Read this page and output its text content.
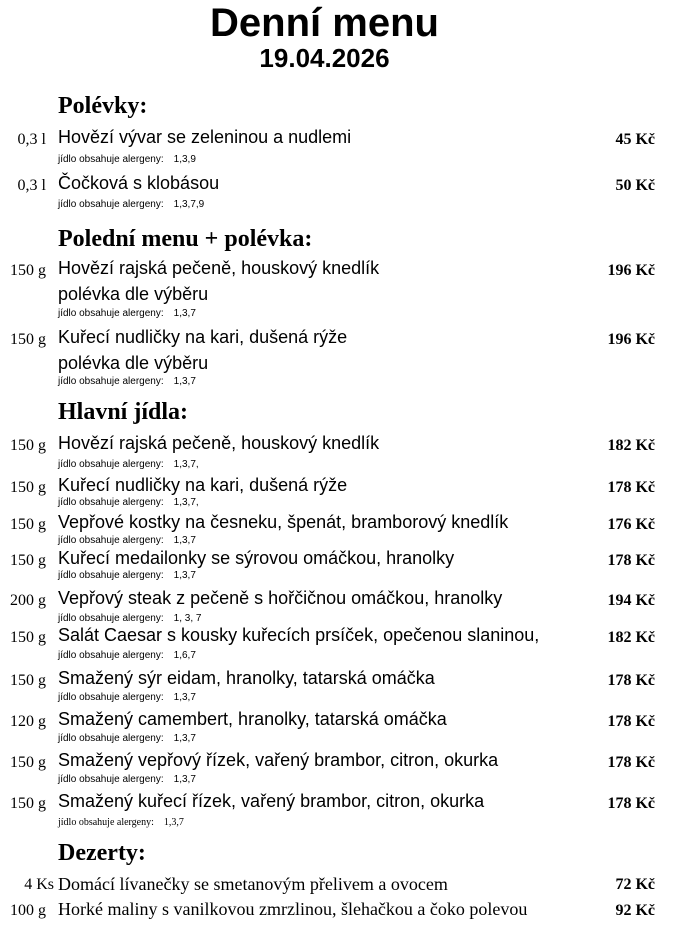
Denní menu
19.04.2026
Polévky:
0,3 l Hovězí vývar se zeleninou a nudlemi	45 Kč
jídlo obsahuje alergeny: 1,3,9
0,3 l Čočková s klobásou	50 Kč
jídlo obsahuje alergeny: 1,3,7,9
Polední menu + polévka:
150 g Hovězí rajská pečeně, houskový knedlík	196 Kč
polévka dle výběru
jídlo obsahuje alergeny: 1,3,7
150 g Kuřecí nudličky na kari, dušená rýže	196 Kč
polévka dle výběru
jídlo obsahuje alergeny: 1,3,7
Hlavní jídla:
150 g Hovězí rajská pečeně, houskový knedlík	182 Kč
jídlo obsahuje alergeny: 1,3,7,
150 g Kuřecí nudličky na kari, dušená rýže	178 Kč
jídlo obsahuje alergeny: 1,3,7,
150 g Vepřové kostky na česneku, špenát, bramborový knedlík	176 Kč
jídlo obsahuje alergeny: 1,3,7
150 g Kuřecí medailonky se sýrovou omáčkou, hranolky	178 Kč
jídlo obsahuje alergeny: 1,3,7
200 g Vepřový steak z pečeně s hořčičnou omáčkou, hranolky	194 Kč
jídlo obsahuje alergeny: 1, 3, 7
150 g Salát Caesar s kousky kuřecích prsíček, opečenou slaninou,	182 Kč
jídlo obsahuje alergeny: 1,6,7
150 g Smažený sýr eidam, hranolky, tatarská omáčka	178 Kč
jídlo obsahuje alergeny: 1,3,7
120 g Smažený camembert, hranolky, tatarská omáčka	178 Kč
jídlo obsahuje alergeny: 1,3,7
150 g Smažený vepřový řízek, vařený brambor, citron, okurka	178 Kč
jídlo obsahuje alergeny: 1,3,7
150 g Smažený kuřecí řízek, vařený brambor, citron, okurka	178 Kč
jídlo obsahuje alergeny: 1,3,7
Dezerty:
4 Ks Domácí lívanečky se smetanovým přelivem a ovocem	72 Kč
100 g Horké maliny s vanilkovou zmrzlinou, šlehačkou a čoko polevou	92 Kč
